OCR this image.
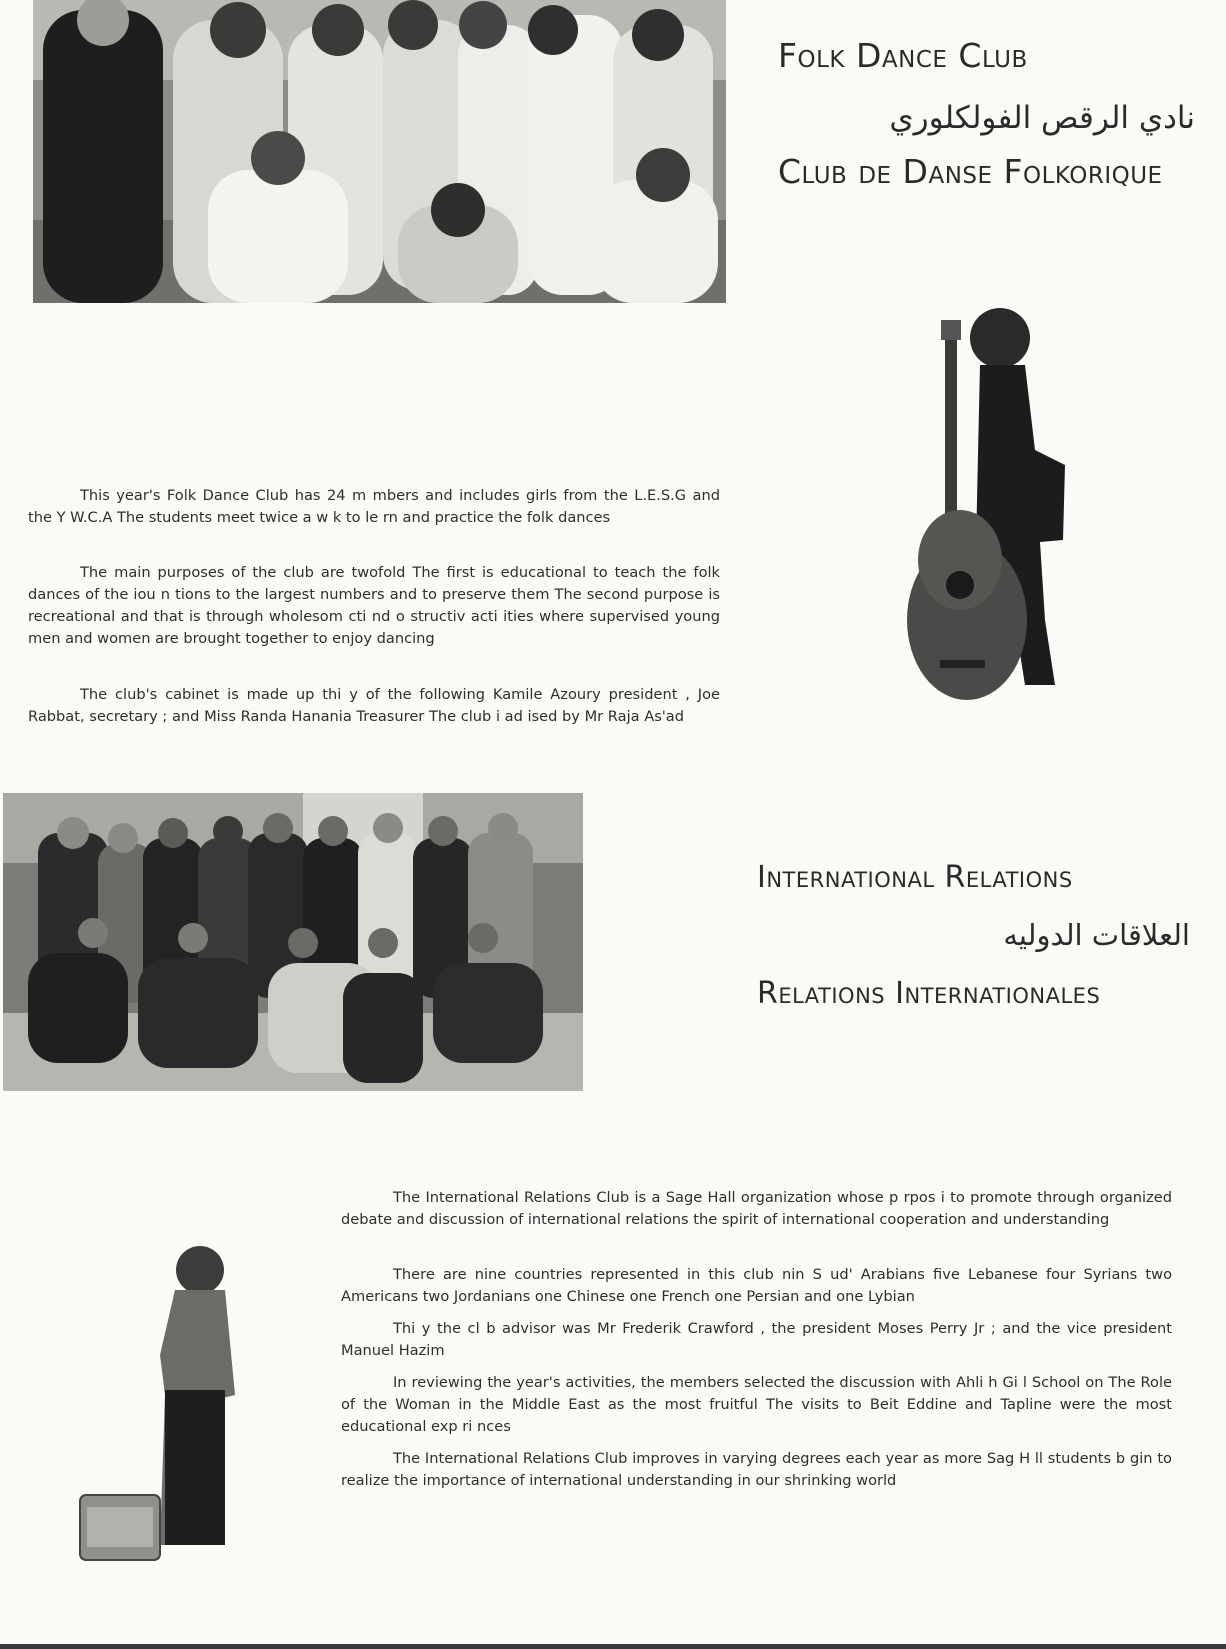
Folk Dance Club
نادي الرقص الفولكلوري
Club de Danse Folkorique

This year's Folk Dance Club has 24 m mbers and includes girls from the L.E.S.G and the Y W.C.A The students meet twice a w k to le rn and practice the folk dances

The main purposes of the club are twofold The first is educational to teach the folk dances of the iou n tions to the largest numbers and to preserve them The second purpose is recreational and that is through wholesom cti nd o structiv acti ities where supervised young men and women are brought together to enjoy dancing

The club's cabinet is made up thi y of the following Kamile Azoury president , Joe Rabbat, secretary ; and Miss Randa Hanania Treasurer The club i ad ised by Mr Raja As'ad

International Relations
العلاقات الدوليه
Relations Internationales

The International Relations Club is a Sage Hall organization whose p rpos i to promote through organized debate and discussion of international relations the spirit of international cooperation and understanding

There are nine countries represented in this club nin S ud' Arabians five Lebanese four Syrians two Americans two Jordanians one Chinese one French one Persian and one Lybian

Thi y the cl b advisor was Mr Frederik Crawford , the president Moses Perry Jr ; and the vice president Manuel Hazim

In reviewing the year's activities, the members selected the discussion with Ahli h Gi l School on The Role of the Woman in the Middle East as the most fruitful The visits to Beit Eddine and Tapline were the most educational exp ri nces

The International Relations Club improves in varying degrees each year as more Sag H ll students b gin to realize the importance of international understanding in our shrinking world
